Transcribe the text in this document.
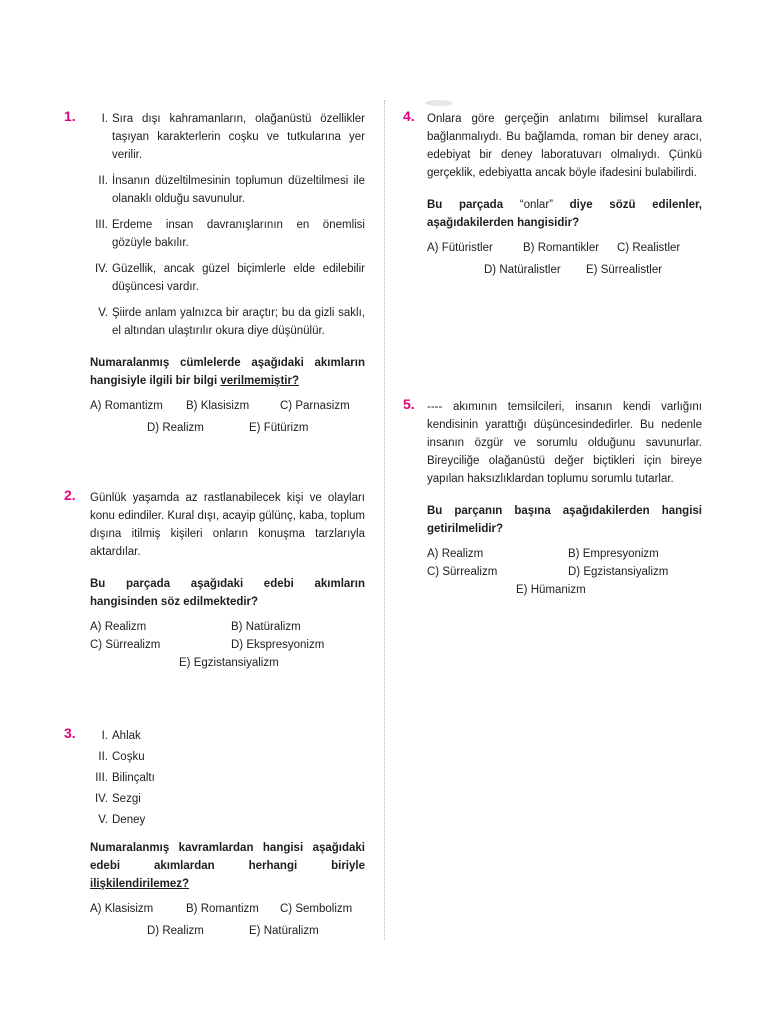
1.	I. Sıra dışı kahramanların, olağanüstü özellikler taşıyan karakterlerin coşku ve tutkularına yer verilir.
II. İnsanın düzeltilmesinin toplumun düzeltilmesi ile olanaklı olduğu savunulur.
III. Erdeme insan davranışlarının en önemlisi gözüyle bakılır.
IV. Güzellik, ancak güzel biçimlerle elde edilebilir düşüncesi vardır.
V. Şiirde anlam yalnızca bir araçtır; bu da gizli saklı, el altından ulaştırılır okura diye düşünülür.

Numaralanmış cümlelerde aşağıdaki akımların hangisiyle ilgili bir bilgi verilmemiştir?

A) Romantizm B) Klasisizm	C) Parnasizm
D) Realizm	E) Fütürizm
2. Günlük yaşamda az rastlanabilecek kişi ve olayları konu edindiler. Kural dışı, acayip gülünç, kaba, toplum dışına itilmiş kişileri onların konuşma tarzlarıyla aktardılar.

Bu parçada aşağıdaki edebi akımların hangisinden söz edilmektedir?

A) Realizm	B) Natüralizm
C) Sürrealizm	D) Ekspresyonizm
E) Egzistansiyalizm
3.	I. Ahlak
II. Coşku
III. Bilinçaltı
IV. Sezgi
V. Deney

Numaralanmış kavramlardan hangisi aşağıdaki edebi akımlardan herhangi biriyle ilişkilendirilemez?

A) Klasisizm	B) Romantizm C) Sembolizm
D) Realizm	E) Natüralizm
4. Onlara göre gerçeğin anlatımı bilimsel kurallara bağlanmalıydı. Bu bağlamda, roman bir deney aracı, edebiyat bir deney laboratuvarı olmalıydı. Çünkü gerçeklik, edebiyatta ancak böyle ifadesini bulabilirdi.

Bu parçada “onlar” diye sözü edilenler, aşağıdakilerden hangisidir?

A) Fütüristler	B) Romantikler C) Realistler
D) Natüralistler E) Sürrealistler
5. ---- akımının temsilcileri, insanın kendi varlığını kendisinin yarattığı düşüncesindedirler. Bu nedenle insanın özgür ve sorumlu olduğunu savunurlar. Bireyciliğe olağanüstü değer biçtikleri için bireye yapılan haksızlıklardan toplumu sorumlu tutarlar.

Bu parçanın başına aşağıdakilerden hangisi getirilmelidir?

A) Realizm	B) Empresyonizm
C) Sürrealizm	D) Egzistansiyalizm
E) Hümanizm
